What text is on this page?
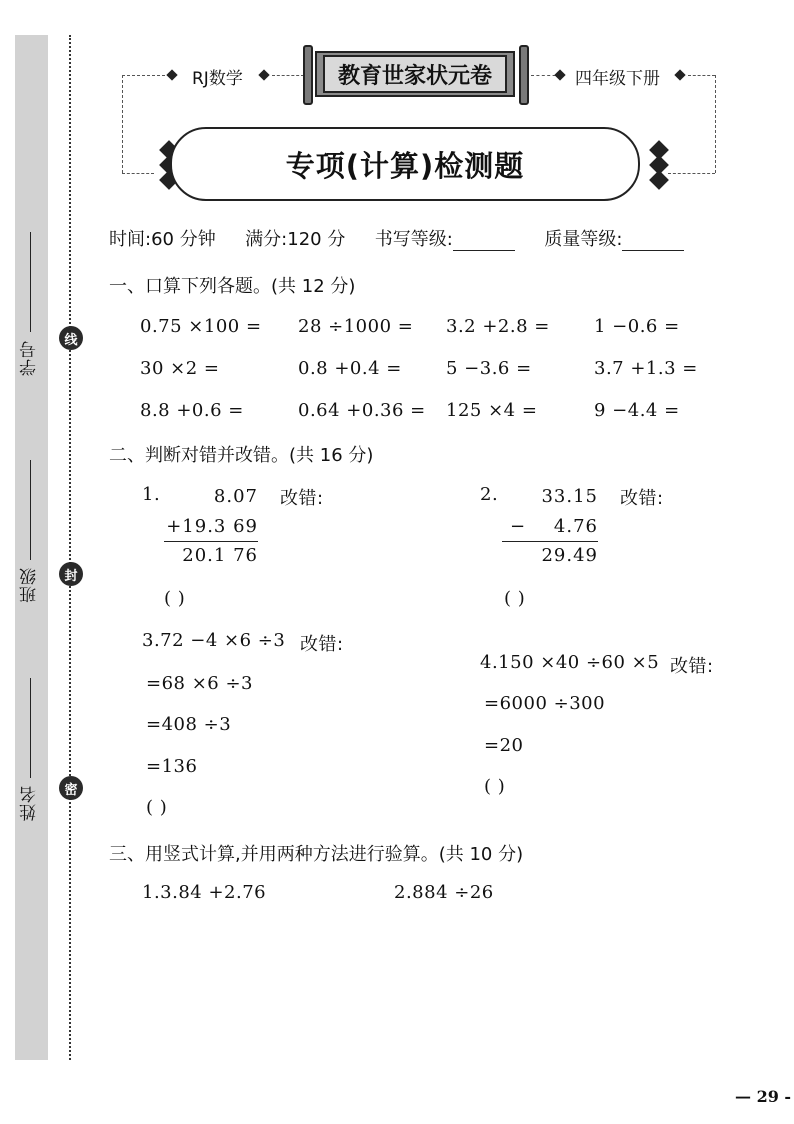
学号
班级
姓名
线
封
密
RJ数学	教育世家状元卷	四年级下册
专项(计算)检测题
时间:60 分钟 满分:120 分 书写等级:	质量等级:
一、口算下列各题。(共 12 分)
0.75 ×100 = 28 ÷1000 = 3.2 +2.8 = 1 −0.6 =
30 ×2 =	0.8 +0.4 = 5 −3.6 =	3.7 +1.3 =
8.8 +0.6 =	0.64 +0.36 = 125 ×4 =	9 −4.4 =
二、判断对错并改错。(共 16 分)
1.	8.07
+19.3 69
20.1 76
改错:
( )
2.	33.15
−	4.76
29.49
改错:
( )
3.72 −4 ×6 ÷3 改错:
=68 ×6 ÷3
=408 ÷3
=136
( )
4.150 ×40 ÷60 ×5 改错:
=6000 ÷300
=20
( )
三、用竖式计算,并用两种方法进行验算。(共 10 分)
1.3.84 +2.76	2.884 ÷26
— 29 -
